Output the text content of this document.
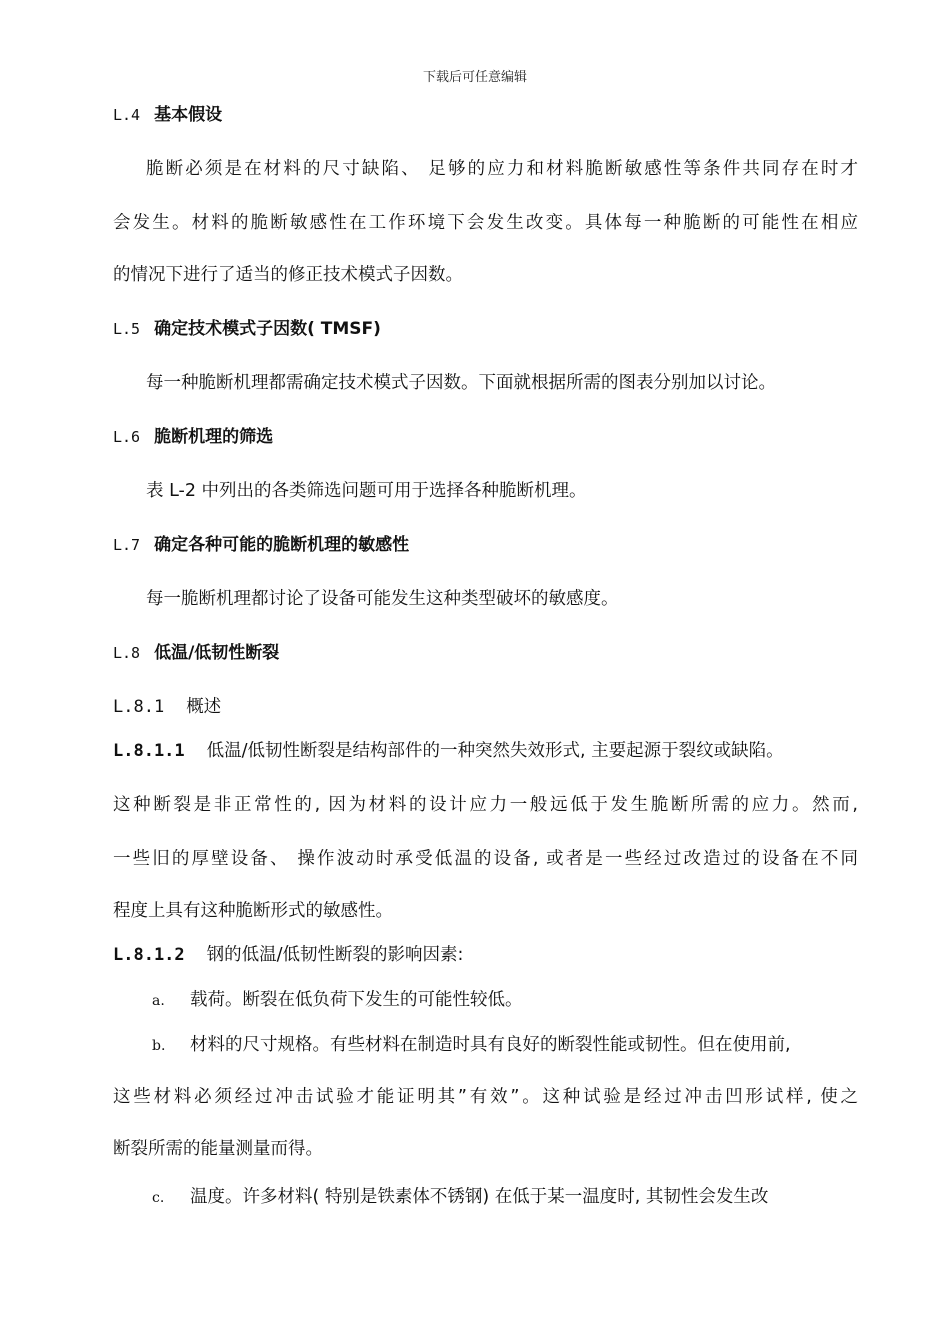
下载后可任意编辑
L.4 基本假设
脆断必须是在材料的尺寸缺陷、 足够的应力和材料脆断敏感性等条件共同存在时才
会发生。材料的脆断敏感性在工作环境下会发生改变。具体每一种脆断的可能性在相应
的情况下进行了适当的修正技术模式子因数。
L.5 确定技术模式子因数( TMSF)
每一种脆断机理都需确定技术模式子因数。下面就根据所需的图表分别加以讨论。
L.6 脆断机理的筛选
表 L-2 中列出的各类筛选问题可用于选择各种脆断机理。
L.7 确定各种可能的脆断机理的敏感性
每一脆断机理都讨论了设备可能发生这种类型破坏的敏感度。
L.8 低温/低韧性断裂
L.8.1 概述
L.8.1.1 低温/低韧性断裂是结构部件的一种突然失效形式, 主要起源于裂纹或缺陷。
这种断裂是非正常性的, 因为材料的设计应力一般远低于发生脆断所需的应力。然而,
一些旧的厚壁设备、 操作波动时承受低温的设备, 或者是一些经过改造过的设备在不同
程度上具有这种脆断形式的敏感性。
L.8.1.2 钢的低温/低韧性断裂的影响因素:
a. 载荷。断裂在低负荷下发生的可能性较低。
b. 材料的尺寸规格。有些材料在制造时具有良好的断裂性能或韧性。但在使用前,
这些材料必须经过冲击试验才能证明其”有效”。这种试验是经过冲击凹形试样, 使之
断裂所需的能量测量而得。
c. 温度。许多材料( 特别是铁素体不锈钢) 在低于某一温度时, 其韧性会发生改
